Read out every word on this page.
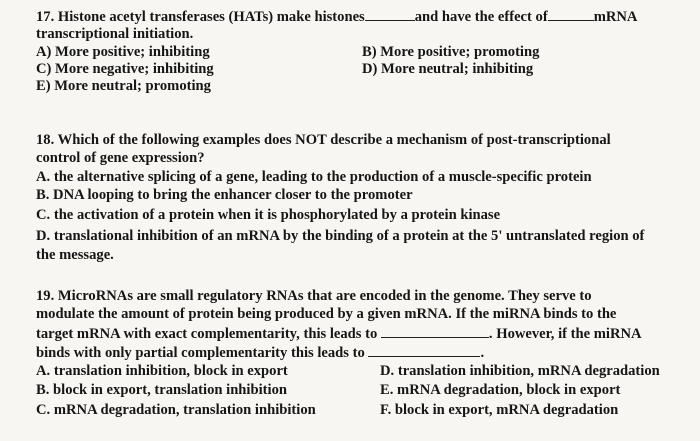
17. Histone acetyl transferases (HATs) make histones	and have the effect of	mRNA
transcriptional initiation.
A) More positive; inhibiting	B) More positive; promoting
C) More negative; inhibiting	D) More neutral; inhibiting
E) More neutral; promoting
18. Which of the following examples does NOT describe a mechanism of post-transcriptional
control of gene expression?
A. the alternative splicing of a gene, leading to the production of a muscle-specific protein
B. DNA looping to bring the enhancer closer to the promoter
C. the activation of a protein when it is phosphorylated by a protein kinase
D. translational inhibition of an mRNA by the binding of a protein at the 5' untranslated region of
the message.
19. MicroRNAs are small regulatory RNAs that are encoded in the genome. They serve to
modulate the amount of protein being produced by a given mRNA. If the miRNA binds to the
target mRNA with exact complementarity, this leads to	. However, if the miRNA
binds with only partial complementarity this leads to	.
A. translation inhibition, block in export	D. translation inhibition, mRNA degradation
B. block in export, translation inhibition	E. mRNA degradation, block in export
C. mRNA degradation, translation inhibition	F. block in export, mRNA degradation
